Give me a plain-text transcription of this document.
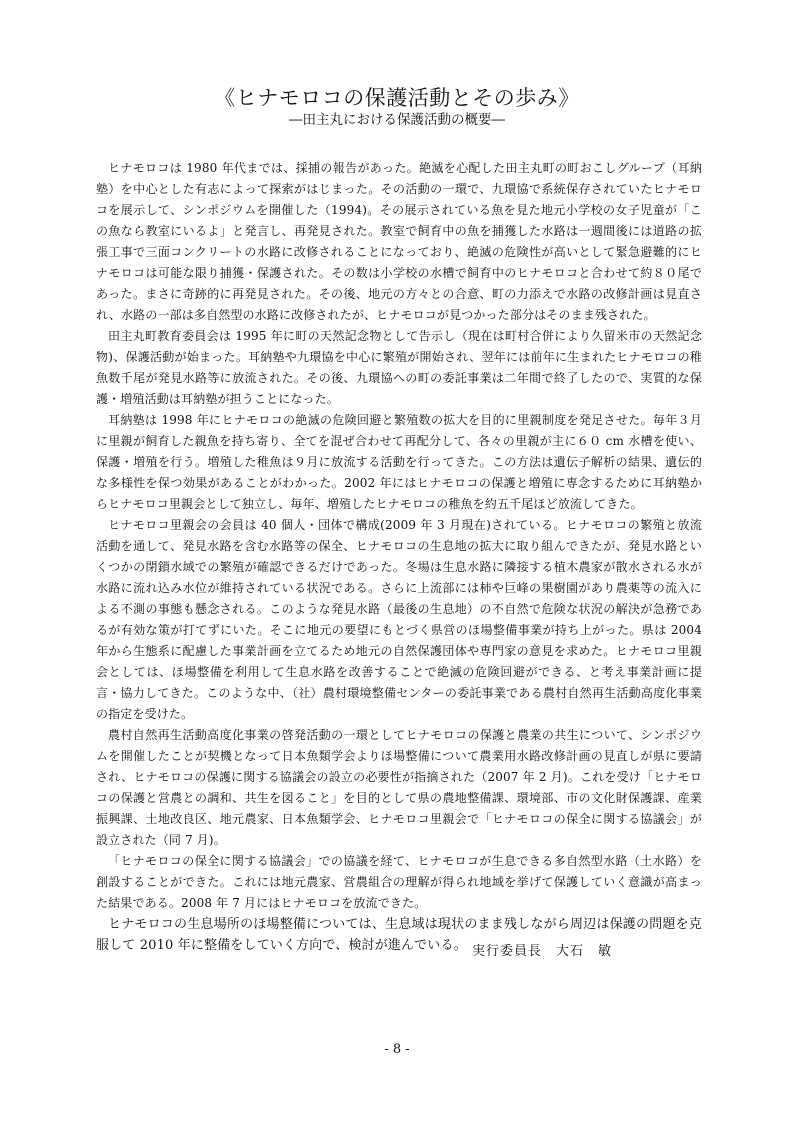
《ヒナモロコの保護活動とその歩み》
―田主丸における保護活動の概要―

ヒナモロコは 1980 年代までは、採捕の報告があった。絶滅を心配した田主丸町の町おこしグループ（耳納塾）を中心とした有志によって探索がはじまった。その活動の一環で、九環協で系統保存されていたヒナモロコを展示して、シンポジウムを開催した（1994)。その展示されている魚を見た地元小学校の女子児童が「この魚なら教室にいるよ」と発言し、再発見された。教室で飼育中の魚を捕獲した水路は一週間後には道路の拡張工事で三面コンクリートの水路に改修されることになっており、絶滅の危険性が高いとして緊急避難的にヒナモロコは可能な限り捕獲・保護された。その数は小学校の水槽で飼育中のヒナモロコと合わせて約８０尾であった。まさに奇跡的に再発見された。その後、地元の方々との合意、町の力添えで水路の改修計画は見直され、水路の一部は多自然型の水路に改修されたが、ヒナモロコが見つかった部分はそのまま残された。

田主丸町教育委員会は 1995 年に町の天然記念物として告示し（現在は町村合併により久留米市の天然記念物)、保護活動が始まった。耳納塾や九環協を中心に繁殖が開始され、翌年には前年に生まれたヒナモロコの稚魚数千尾が発見水路等に放流された。その後、九環協への町の委託事業は二年間で終了したので、実質的な保護・増殖活動は耳納塾が担うことになった。

耳納塾は 1998 年にヒナモロコの絶滅の危険回避と繁殖数の拡大を目的に里親制度を発足させた。毎年３月に里親が飼育した親魚を持ち寄り、全てを混ぜ合わせて再配分して、各々の里親が主に６０ cm 水槽を使い、保護・増殖を行う。増殖した稚魚は９月に放流する活動を行ってきた。この方法は遺伝子解析の結果、遺伝的な多様性を保つ効果があることがわかった。2002 年にはヒナモロコの保護と増殖に専念するために耳納塾からヒナモロコ里親会として独立し、毎年、増殖したヒナモロコの稚魚を約五千尾ほど放流してきた。

ヒナモロコ里親会の会員は 40 個人・団体で構成(2009 年 3 月現在)されている。ヒナモロコの繁殖と放流活動を通して、発見水路を含む水路等の保全、ヒナモロコの生息地の拡大に取り組んできたが、発見水路といくつかの閉鎖水域での繁殖が確認できるだけであった。冬場は生息水路に隣接する植木農家が散水される水が水路に流れ込み水位が維持されている状況である。さらに上流部には柿や巨峰の果樹園があり農薬等の流入による不測の事態も懸念される。このような発見水路（最後の生息地）の不自然で危険な状況の解決が急務であるが有効な策が打てずにいた。そこに地元の要望にもとづく県営のほ場整備事業が持ち上がった。県は 2004 年から生態系に配慮した事業計画を立てるため地元の自然保護団体や専門家の意見を求めた。ヒナモロコ里親会としては、ほ場整備を利用して生息水路を改善することで絶滅の危険回避ができる、と考え事業計画に提言・協力してきた。このような中、（社）農村環境整備センターの委託事業である農村自然再生活動高度化事業の指定を受けた。

農村自然再生活動高度化事業の啓発活動の一環としてヒナモロコの保護と農業の共生について、シンポジウムを開催したことが契機となって日本魚類学会よりほ場整備について農業用水路改修計画の見直しが県に要請され、ヒナモロコの保護に関する協議会の設立の必要性が指摘された（2007 年 2 月)。これを受け「ヒナモロコの保護と営農との調和、共生を図ること」を目的として県の農地整備課、環境部、市の文化財保護課、産業振興課、土地改良区、地元農家、日本魚類学会、ヒナモロコ里親会で「ヒナモロコの保全に関する協議会」が設立された（同 7 月)。

「ヒナモロコの保全に関する協議会」での協議を経て、ヒナモロコが生息できる多自然型水路（土水路）を創設することができた。これには地元農家、営農組合の理解が得られ地域を挙げて保護していく意識が高まった結果である。2008 年 7 月にはヒナモロコを放流できた。

ヒナモロコの生息場所のほ場整備については、生息域は現状のまま残しながら周辺は保護の問題を克服して 2010 年に整備をしていく方向で、検討が進んでいる。 実行委員長　大石　敏
- 8 -
